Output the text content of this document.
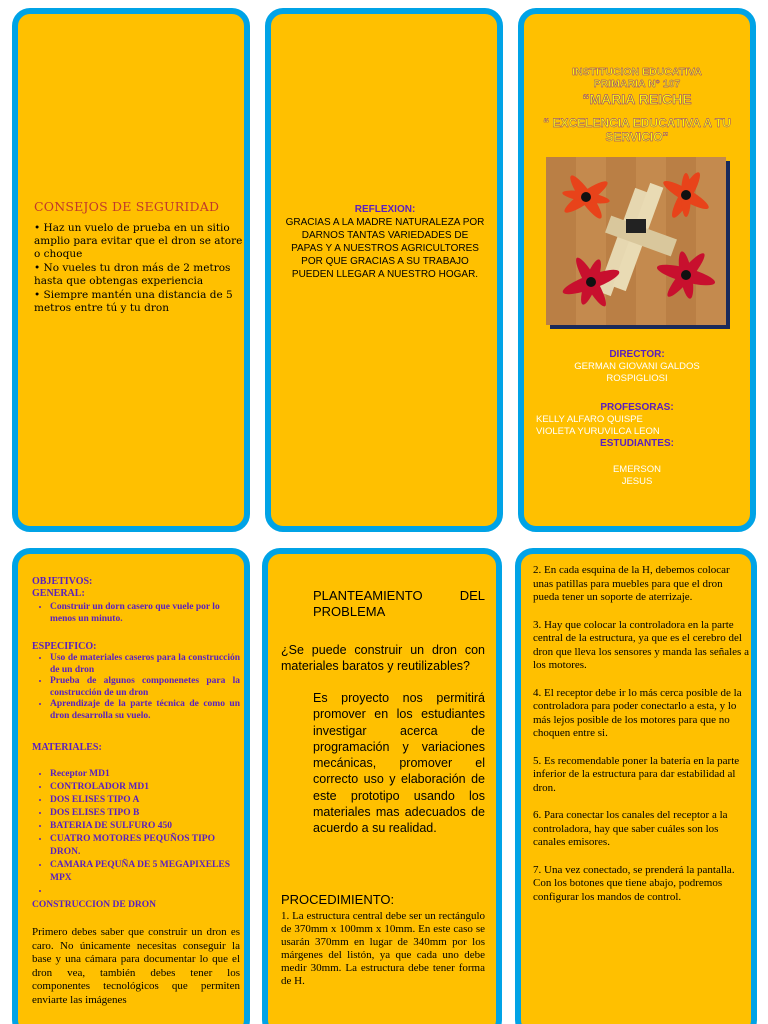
CONSEJOS DE SEGURIDAD
• Haz un vuelo de prueba en un sitio amplio para evitar que el dron se atore o choque
• No vueles tu dron más de 2 metros hasta que obtengas experiencia
• Siempre mantén una distancia de 5 metros entre tú y tu dron
REFLEXION:
GRACIAS A LA MADRE NATURALEZA POR DARNOS TANTAS VARIEDADES DE PAPAS Y A NUESTROS AGRICULTORES POR QUE GRACIAS A SU TRABAJO PUEDEN LLEGAR A NUESTRO HOGAR.
INSTITUCION EDUCATIVA
PRIMARIA N° 107
“MARIA REICHE
“ EXCELENCIA EDUCATIVA A TU SERVICIO”
DIRECTOR:
GERMAN GIOVANI GALDOS ROSPIGLIOSI
PROFESORAS:
KELLY ALFARO QUISPE
VIOLETA YURUVILCA LEON
ESTUDIANTES:
EMERSON
JESUS
OBJETIVOS:
GENERAL:
• Construir un dorn casero que vuele por lo menos un minuto.
ESPECIFICO:
• Uso de materiales caseros para la construcción de un dron
• Prueba de algunos componenetes para la construcción de un dron
• Aprendizaje de la parte técnica de como un dron desarrolla su vuelo.
MATERIALES:
• Receptor MD1
• CONTROLADOR MD1
• DOS ELISES TIPO A
• DOS ELISES TIPO B
• BATERIA DE SULFURO 450
• CUATRO MOTORES PEQUÑOS TIPO DRON.
• CAMARA PEQUÑA DE 5 MEGAPIXELES MPX
•
CONSTRUCCION DE DRON
Primero debes saber que construir un dron es caro. No únicamente necesitas conseguir la base y una cámara para documentar lo que el dron vea, también debes tener los componentes tecnológicos que permiten enviarte las imágenes
PLANTEAMIENTO DEL PROBLEMA
¿Se puede construir un dron con materiales baratos y reutilizables?
Es proyecto nos permitirá promover en los estudiantes investigar acerca de programación y variaciones mecánicas, promover el correcto uso y elaboración de este prototipo usando los materiales mas adecuados de acuerdo a su realidad.
PROCEDIMIENTO:
1. La estructura central debe ser un rectángulo de 370mm x 100mm x 10mm. En este caso se usarán 370mm en lugar de 340mm por los márgenes del listón, ya que cada uno debe medir 30mm. La estructura debe tener forma de H.

2. En cada esquina de la H, debemos colocar unas patillas para muebles para que el dron pueda tener un soporte de aterrizaje.

3. Hay que colocar la controladora en la parte central de la estructura, ya que es el cerebro del dron que lleva los sensores y manda las señales a los motores.

4. El receptor debe ir lo más cerca posible de la controladora para poder conectarlo a esta, y lo más lejos posible de los motores para que no choquen entre si.

5. Es recomendable poner la batería en la parte inferior de la estructura para dar estabilidad al dron.

6. Para conectar los canales del receptor a la controladora, hay que saber cuáles son los canales emisores.

7. Una vez conectado, se prenderá la pantalla. Con los botones que tiene abajo, podremos configurar los mandos de control.
